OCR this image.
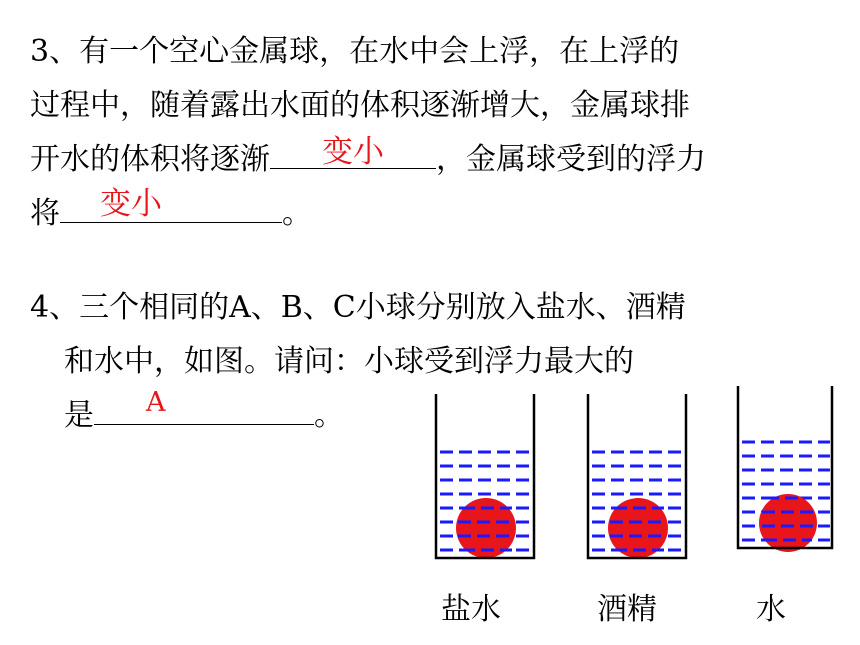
3、有一个空心金属球，在水中会上浮，在上浮的
过程中，随着露出水面的体积逐渐增大，金属球排
开水的体积将逐渐	，金属球受到的浮力
变小
将	。
变小
4、三个相同的A、B、C小球分别放入盐水、酒精
和水中，如图。请问：小球受到浮力最大的
是	。
A
盐水	酒精	水
